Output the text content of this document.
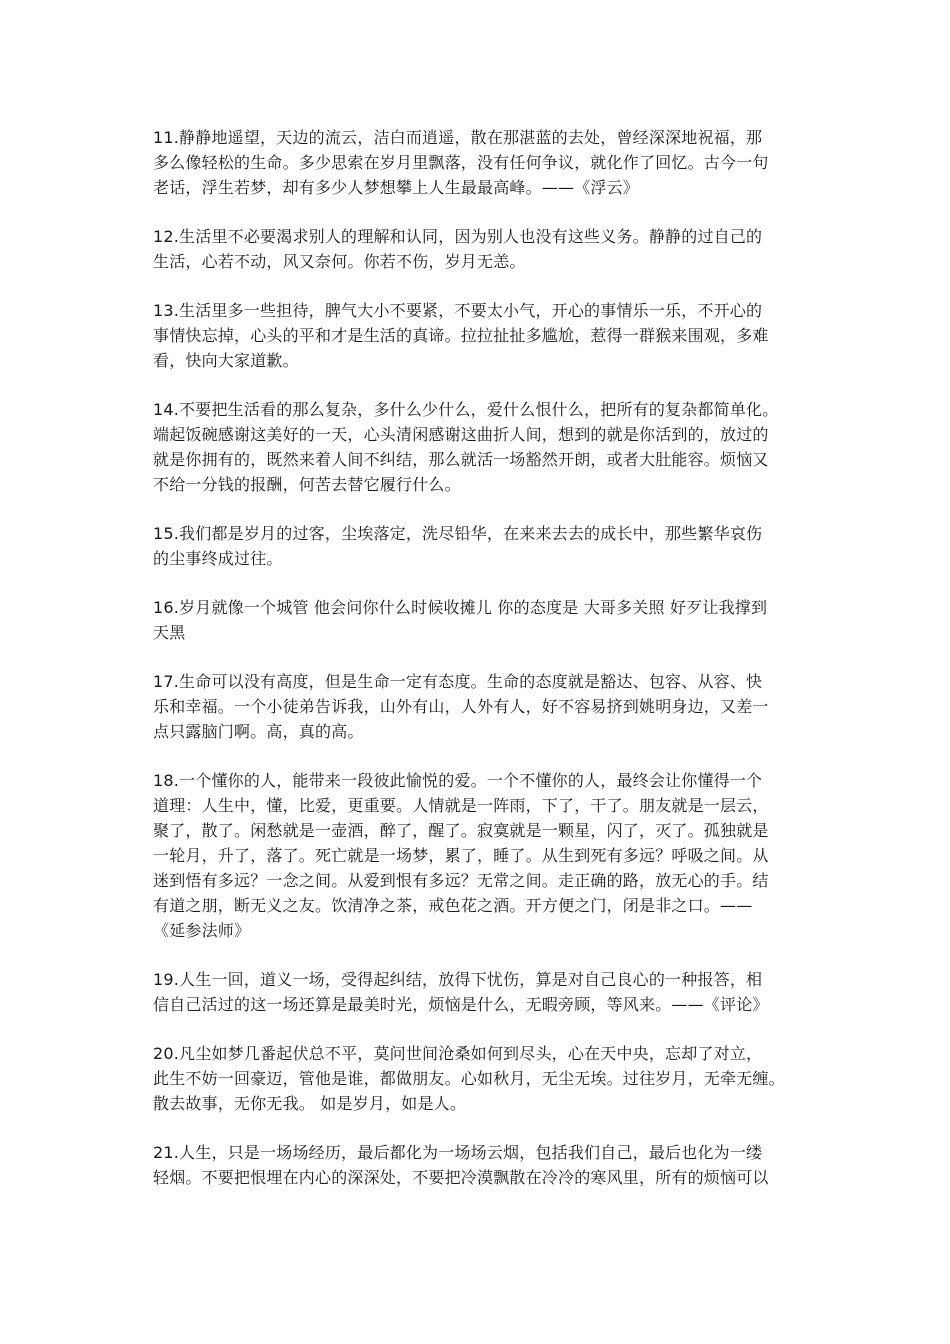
11.静静地遥望，天边的流云，洁白而逍遥，散在那湛蓝的去处，曾经深深地祝福，那
多么像轻松的生命。多少思索在岁月里飘落，没有任何争议，就化作了回忆。古今一句
老话，浮生若梦，却有多少人梦想攀上人生最最高峰。——《浮云》

12.生活里不必要渴求别人的理解和认同，因为别人也没有这些义务。静静的过自己的
生活，心若不动，风又奈何。你若不伤，岁月无恙。

13.生活里多一些担待，脾气大小不要紧，不要太小气，开心的事情乐一乐，不开心的
事情快忘掉，心头的平和才是生活的真谛。拉拉扯扯多尴尬，惹得一群猴来围观，多难
看，快向大家道歉。

14.不要把生活看的那么复杂，多什么少什么，爱什么恨什么，把所有的复杂都简单化。
端起饭碗感谢这美好的一天，心头清闲感谢这曲折人间，想到的就是你活到的，放过的
就是你拥有的，既然来着人间不纠结，那么就活一场豁然开朗，或者大肚能容。烦恼又
不给一分钱的报酬，何苦去替它履行什么。

15.我们都是岁月的过客，尘埃落定，洗尽铅华，在来来去去的成长中，那些繁华哀伤
的尘事终成过往。

16.岁月就像一个城管 他会问你什么时候收摊儿 你的态度是 大哥多关照 好歹让我撑到
天黑

17.生命可以没有高度，但是生命一定有态度。生命的态度就是豁达、包容、从容、快
乐和幸福。一个小徒弟告诉我，山外有山，人外有人，好不容易挤到姚明身边，又差一
点只露脑门啊。高，真的高。

18.一个懂你的人，能带来一段彼此愉悦的爱。一个不懂你的人，最终会让你懂得一个
道理：人生中，懂，比爱，更重要。人情就是一阵雨，下了，干了。朋友就是一层云，
聚了，散了。闲愁就是一壶酒，醉了，醒了。寂寞就是一颗星，闪了，灭了。孤独就是
一轮月，升了，落了。死亡就是一场梦，累了，睡了。从生到死有多远？呼吸之间。从
迷到悟有多远？一念之间。从爱到恨有多远？无常之间。走正确的路，放无心的手。结
有道之朋，断无义之友。饮清净之茶，戒色花之酒。开方便之门，闭是非之口。——
《延参法师》

19.人生一回，道义一场，受得起纠结，放得下忧伤，算是对自己良心的一种报答，相
信自己活过的这一场还算是最美时光，烦恼是什么，无暇旁顾，等风来。——《评论》

20.凡尘如梦几番起伏总不平，莫问世间沧桑如何到尽头，心在天中央，忘却了对立，
此生不妨一回豪迈，管他是谁，都做朋友。心如秋月，无尘无埃。过往岁月，无牵无缠。
散去故事，无你无我。 如是岁月，如是人。

21.人生，只是一场场经历，最后都化为一场场云烟，包括我们自己，最后也化为一缕
轻烟。不要把恨埋在内心的深深处，不要把冷漠飘散在冷冷的寒风里，所有的烦恼可以
